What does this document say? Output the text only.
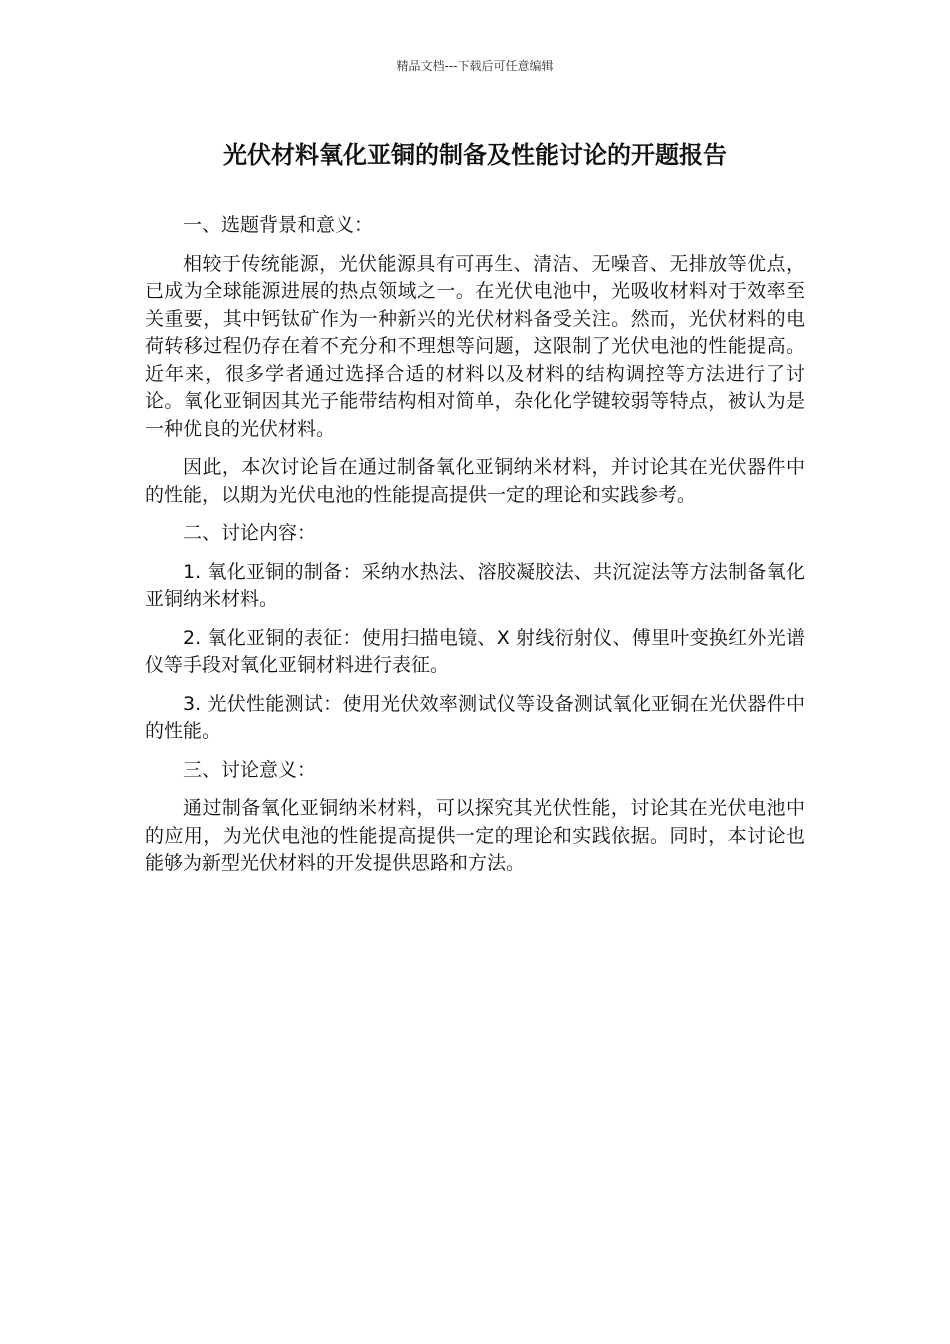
精品文档---下载后可任意编辑
光伏材料氧化亚铜的制备及性能讨论的开题报告

一、选题背景和意义：

相较于传统能源，光伏能源具有可再生、清洁、无噪音、无排放等优点，已成为全球能源进展的热点领域之一。在光伏电池中，光吸收材料对于效率至关重要，其中钙钛矿作为一种新兴的光伏材料备受关注。然而，光伏材料的电荷转移过程仍存在着不充分和不理想等问题，这限制了光伏电池的性能提高。近年来，很多学者通过选择合适的材料以及材料的结构调控等方法进行了讨论。氧化亚铜因其光子能带结构相对简单，杂化化学键较弱等特点，被认为是一种优良的光伏材料。

因此，本次讨论旨在通过制备氧化亚铜纳米材料，并讨论其在光伏器件中的性能，以期为光伏电池的性能提高提供一定的理论和实践参考。

二、讨论内容：

1. 氧化亚铜的制备：采纳水热法、溶胶凝胶法、共沉淀法等方法制备氧化亚铜纳米材料。

2. 氧化亚铜的表征：使用扫描电镜、X 射线衍射仪、傅里叶变换红外光谱仪等手段对氧化亚铜材料进行表征。

3. 光伏性能测试：使用光伏效率测试仪等设备测试氧化亚铜在光伏器件中的性能。

三、讨论意义：

通过制备氧化亚铜纳米材料，可以探究其光伏性能，讨论其在光伏电池中的应用，为光伏电池的性能提高提供一定的理论和实践依据。同时，本讨论也能够为新型光伏材料的开发提供思路和方法。
